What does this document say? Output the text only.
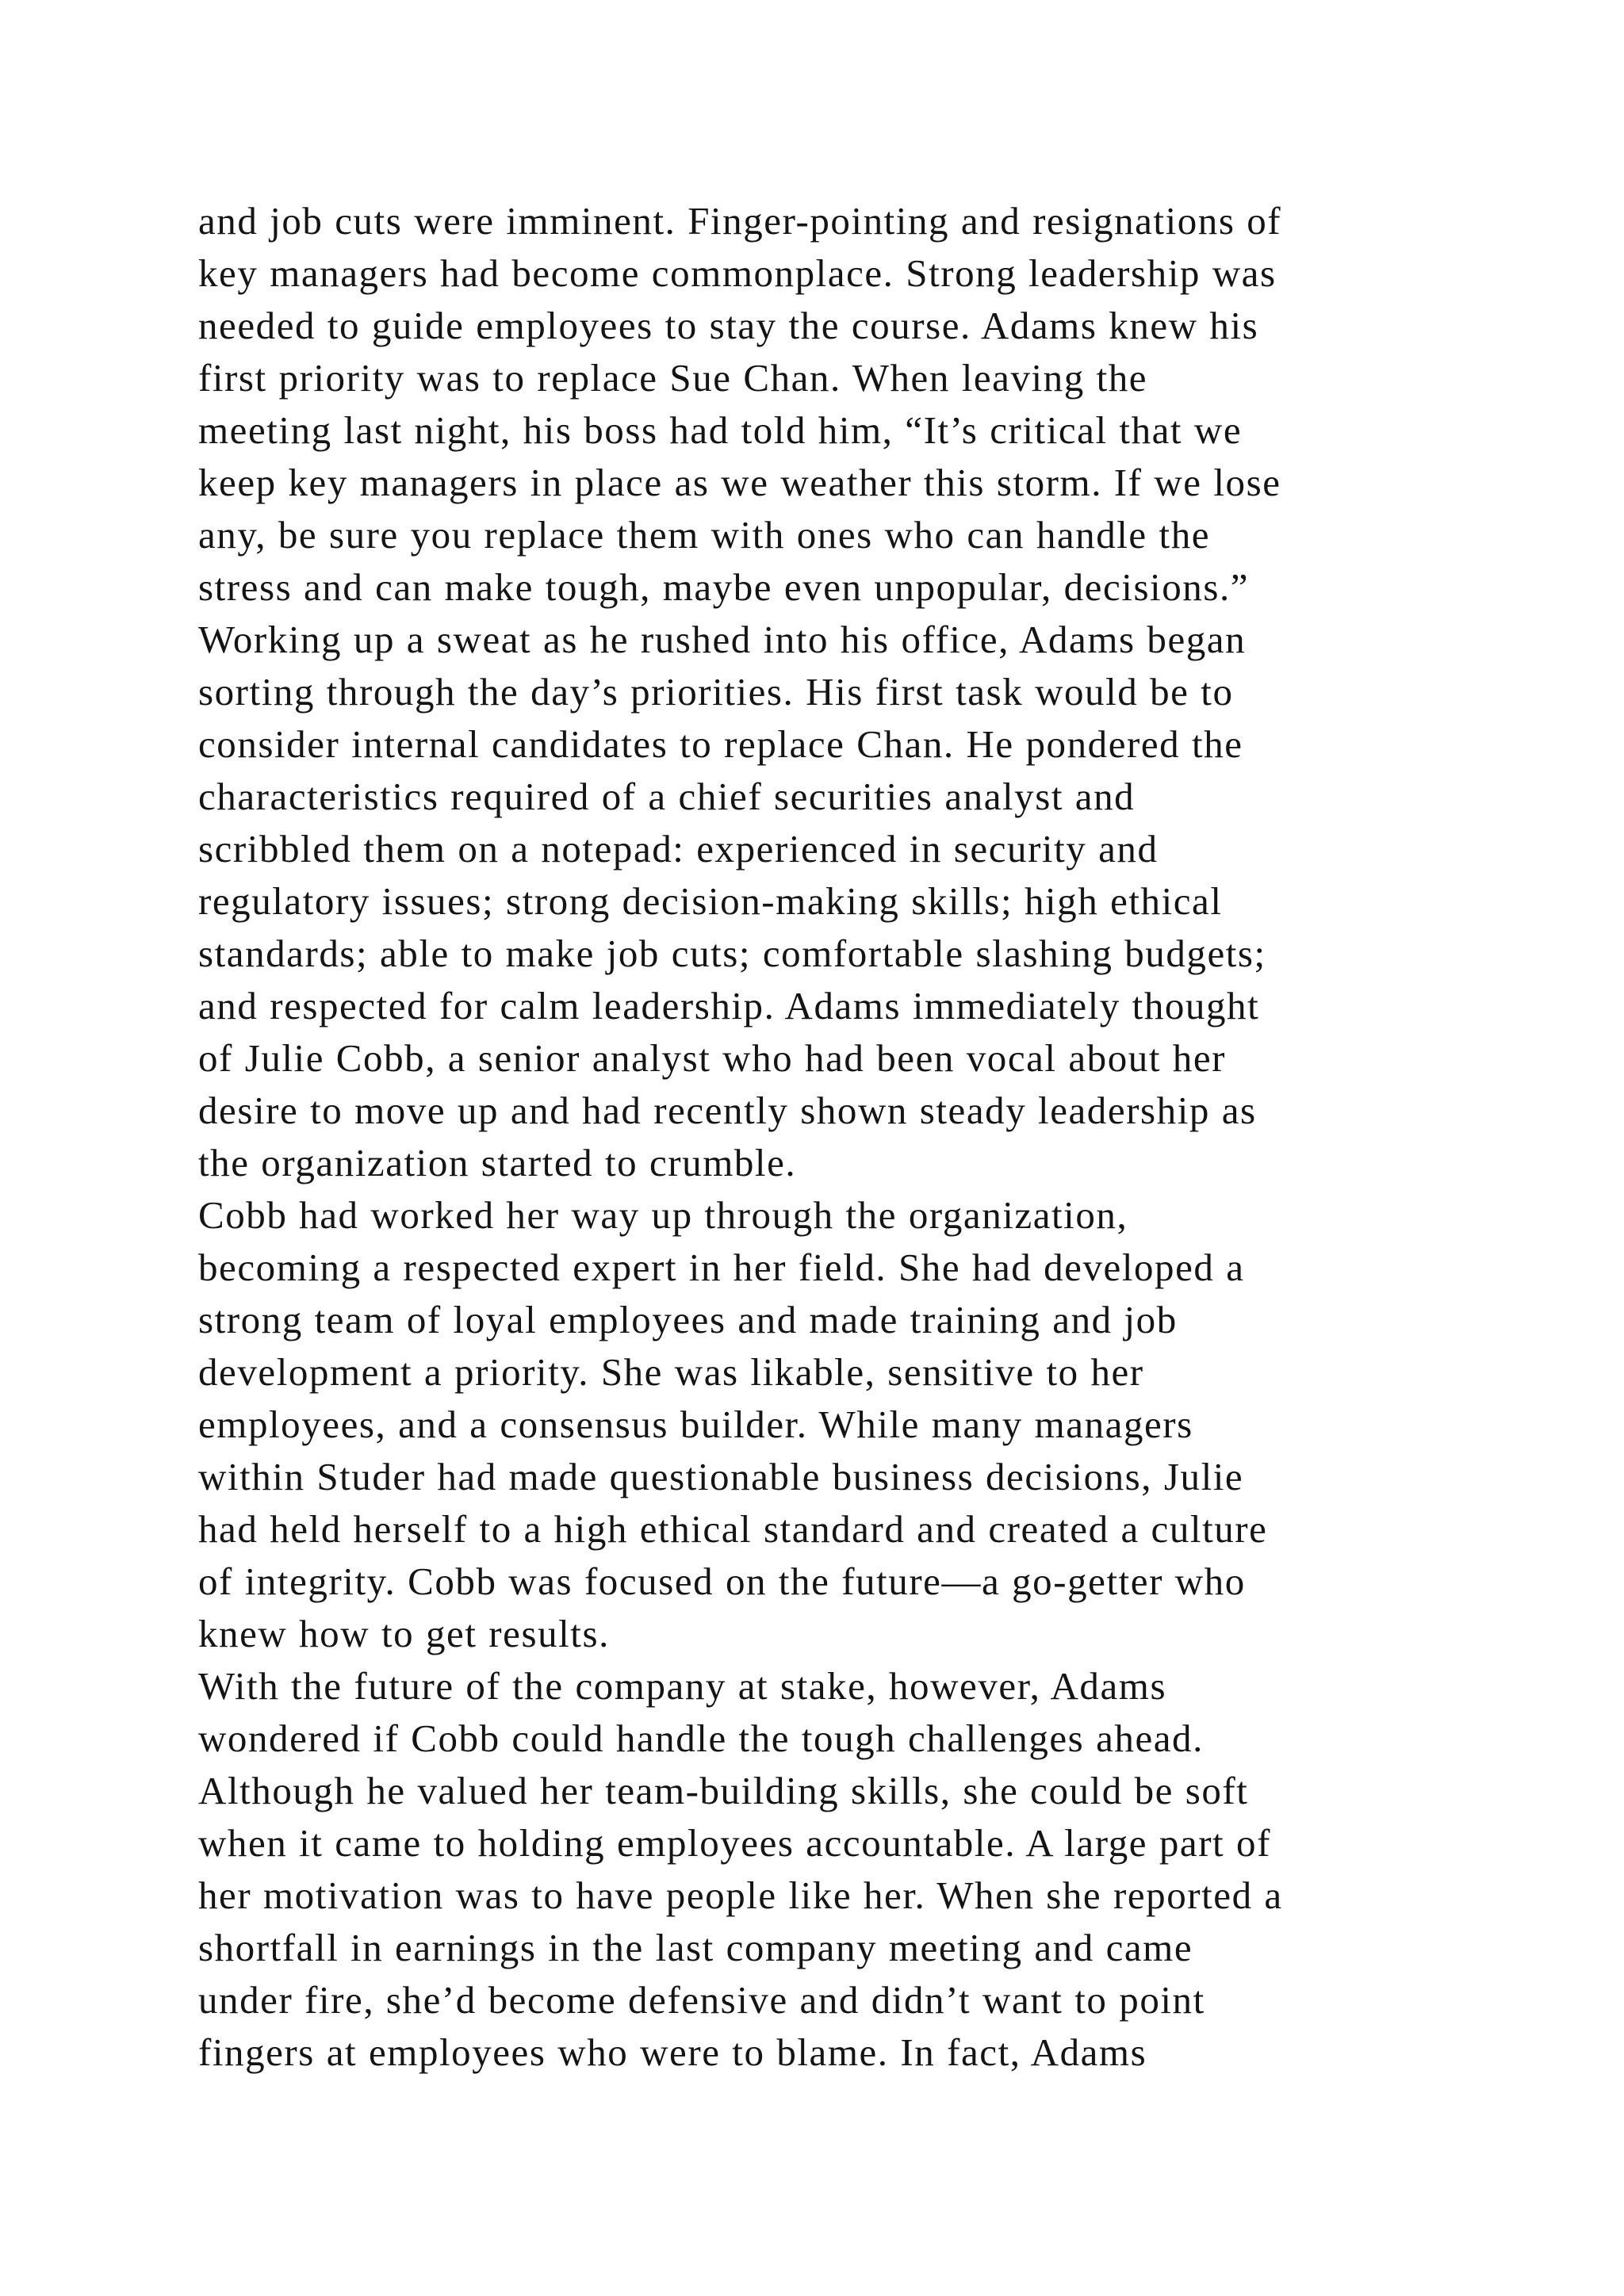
and job cuts were imminent. Finger-pointing and resignations of
key managers had become commonplace. Strong leadership was
needed to guide employees to stay the course. Adams knew his
first priority was to replace Sue Chan. When leaving the
meeting last night, his boss had told him, “It’s critical that we
keep key managers in place as we weather this storm. If we lose
any, be sure you replace them with ones who can handle the
stress and can make tough, maybe even unpopular, decisions.”
Working up a sweat as he rushed into his office, Adams began
sorting through the day’s priorities. His first task would be to
consider internal candidates to replace Chan. He pondered the
characteristics required of a chief securities analyst and
scribbled them on a notepad: experienced in security and
regulatory issues; strong decision-making skills; high ethical
standards; able to make job cuts; comfortable slashing budgets;
and respected for calm leadership. Adams immediately thought
of Julie Cobb, a senior analyst who had been vocal about her
desire to move up and had recently shown steady leadership as
the organization started to crumble.
Cobb had worked her way up through the organization,
becoming a respected expert in her field. She had developed a
strong team of loyal employees and made training and job
development a priority. She was likable, sensitive to her
employees, and a consensus builder. While many managers
within Studer had made questionable business decisions, Julie
had held herself to a high ethical standard and created a culture
of integrity. Cobb was focused on the future—a go-getter who
knew how to get results.
With the future of the company at stake, however, Adams
wondered if Cobb could handle the tough challenges ahead.
Although he valued her team-building skills, she could be soft
when it came to holding employees accountable. A large part of
her motivation was to have people like her. When she reported a
shortfall in earnings in the last company meeting and came
under fire, she’d become defensive and didn’t want to point
fingers at employees who were to blame. In fact, Adams
